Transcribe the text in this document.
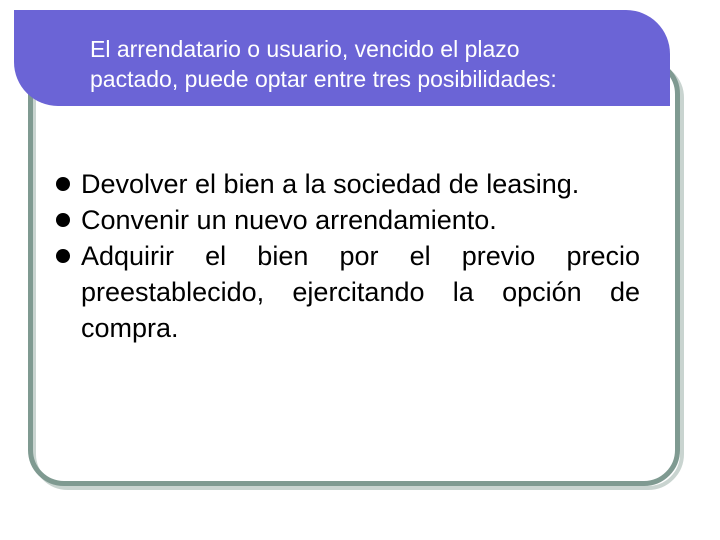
El arrendatario o usuario, vencido el plazo
pactado, puede optar entre tres posibilidades:
Devolver el bien a la sociedad de leasing.
Convenir un nuevo arrendamiento.
Adquirir el bien por el previo precio preestablecido, ejercitando la opción de compra.
